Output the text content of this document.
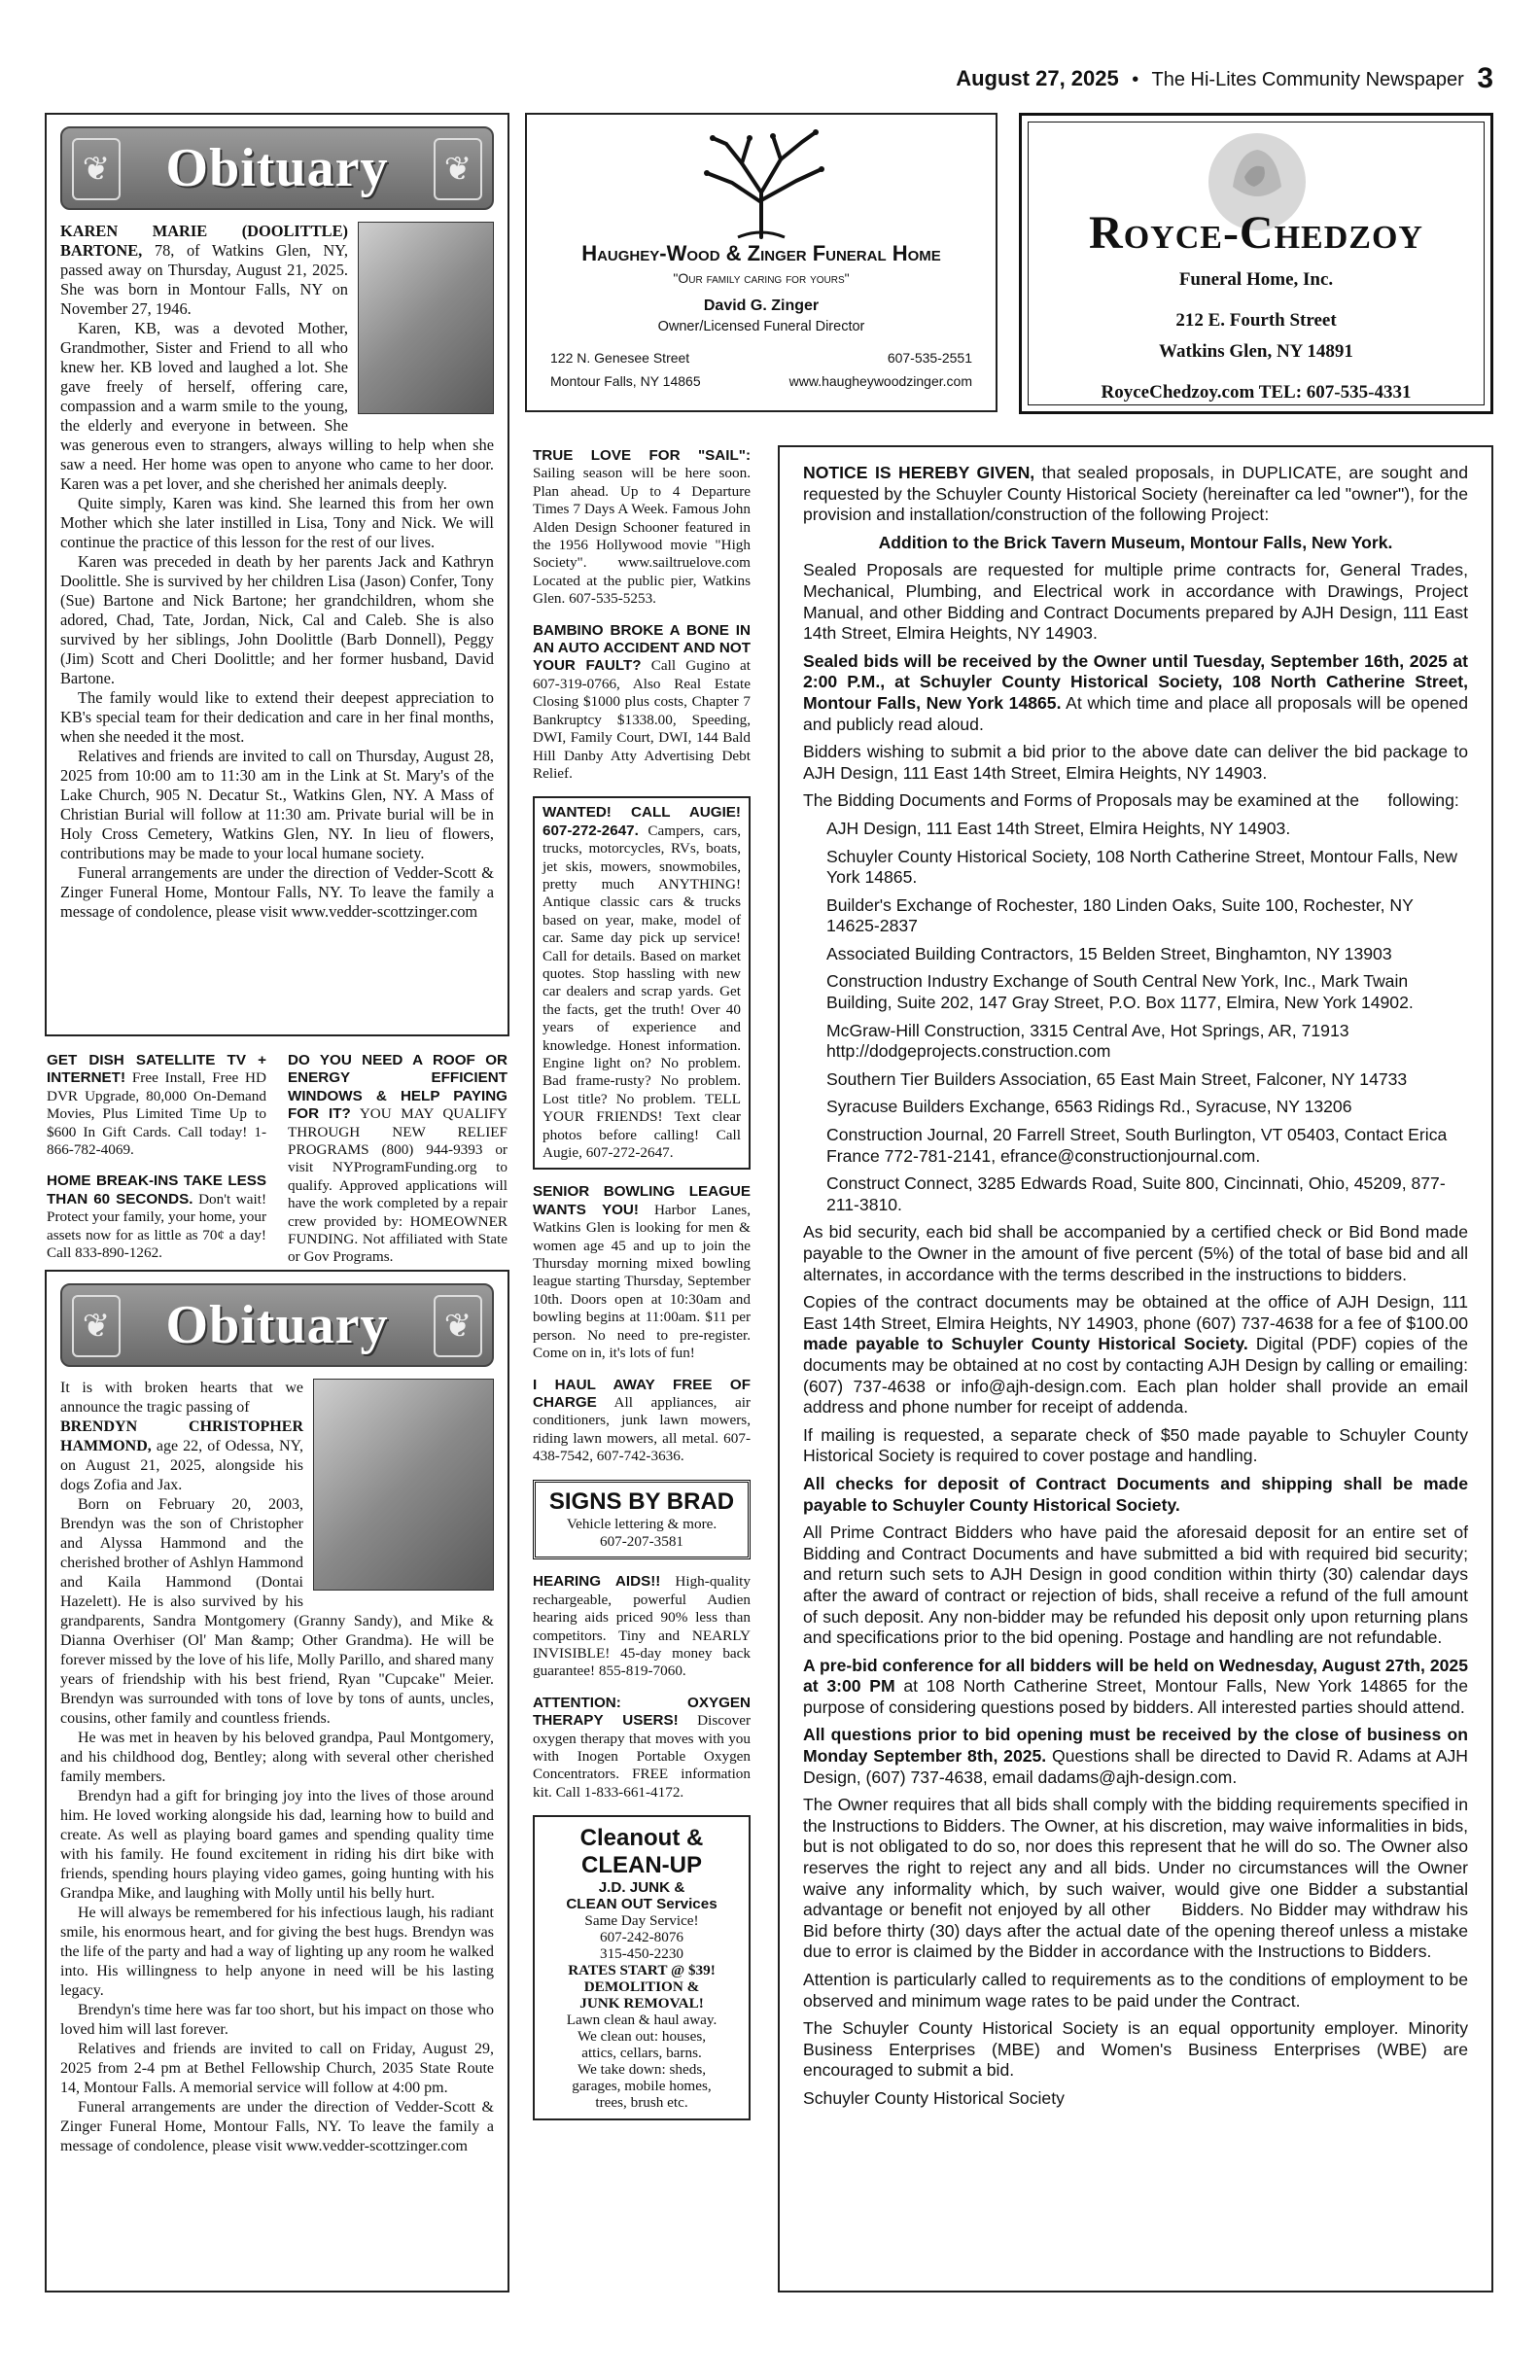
August 27, 2025 • The Hi-Lites Community Newspaper 3
❦ Obituary	❦

KAREN MARIE (DOOLITTLE) BARTONE, 78, of Watkins Glen, NY, passed away on Thursday, August 21, 2025. She was born in Montour Falls, NY on November 27, 1946.

Karen, KB, was a devoted Mother, Grandmother, Sister and Friend to all who knew her. KB loved and laughed a lot. She gave freely of herself, offering care, compassion and a warm smile to the young, the elderly and everyone in between. She was generous even to strangers, always willing to help when she saw a need. Her home was open to anyone who came to her door. Karen was a pet lover, and she cherished her animals deeply.

Quite simply, Karen was kind. She learned this from her own Mother which she later instilled in Lisa, Tony and Nick. We will continue the practice of this lesson for the rest of our lives.

Karen was preceded in death by her parents Jack and Kathryn Doolittle. She is survived by her children Lisa (Jason) Confer, Tony (Sue) Bartone and Nick Bartone; her grandchildren, whom she adored, Chad, Tate, Jordan, Nick, Cal and Caleb. She is also survived by her siblings, John Doolittle (Barb Donnell), Peggy (Jim) Scott and Cheri Doolittle; and her former husband, David Bartone.

The family would like to extend their deepest appreciation to KB's special team for their dedication and care in her final months, when she needed it the most.

Relatives and friends are invited to call on Thursday, August 28, 2025 from 10:00 am to 11:30 am in the Link at St. Mary's of the Lake Church, 905 N. Decatur St., Watkins Glen, NY. A Mass of Christian Burial will follow at 11:30 am. Private burial will be in Holy Cross Cemetery, Watkins Glen, NY. In lieu of flowers, contributions may be made to your local humane society.

Funeral arrangements are under the direction of Vedder-Scott & Zinger Funeral Home, Montour Falls, NY. To leave the family a message of condolence, please visit www.vedder-scottzinger.com

GET DISH SATELLITE TV + INTERNET! Free Install, Free HD DVR Upgrade, 80,000 On-Demand Movies, Plus Limited Time Up to $600 In Gift Cards. Call today! 1-866-782-4069.

HOME BREAK-INS TAKE LESS THAN 60 SECONDS. Don't wait! Protect your family, your home, your assets now for as little as 70¢ a day! Call 833-890-1262.

DO YOU NEED A ROOF OR ENERGY EFFICIENT WINDOWS & HELP PAYING FOR IT? YOU MAY QUALIFY THROUGH NEW RELIEF PROGRAMS (800) 944-9393 or visit NYProgramFunding.org to qualify. Approved applications will have the work completed by a repair crew provided by: HOMEOWNER FUNDING. Not affiliated with State or Gov Programs.

❦ Obituary	❦

It is with broken hearts that we announce the tragic passing of

BRENDYN CHRISTOPHER HAMMOND, age 22, of Odessa, NY, on August 21, 2025, alongside his dogs Zofia and Jax.

Born on February 20, 2003, Brendyn was the son of Christopher and Alyssa Hammond and the cherished brother of Ashlyn Hammond and Kaila Hammond (Dontai Hazelett). He is also survived by his grandparents, Sandra Montgomery (Granny Sandy), and Mike & Dianna Overhiser (Ol' Man &amp; Other Grandma). He will be forever missed by the love of his life, Molly Parillo, and shared many years of friendship with his best friend, Ryan "Cupcake" Meier. Brendyn was surrounded with tons of love by tons of aunts, uncles, cousins, other family and countless friends.

He was met in heaven by his beloved grandpa, Paul Montgomery, and his childhood dog, Bentley; along with several other cherished family members.

Brendyn had a gift for bringing joy into the lives of those around him. He loved working alongside his dad, learning how to build and create. As well as playing board games and spending quality time with his family. He found excitement in riding his dirt bike with friends, spending hours playing video games, going hunting with his Grandpa Mike, and laughing with Molly until his belly hurt.

He will always be remembered for his infectious laugh, his radiant smile, his enormous heart, and for giving the best hugs. Brendyn was the life of the party and had a way of lighting up any room he walked into. His willingness to help anyone in need will be his lasting legacy.

Brendyn's time here was far too short, but his impact on those who loved him will last forever.

Relatives and friends are invited to call on Friday, August 29, 2025 from 2-4 pm at Bethel Fellowship Church, 2035 State Route 14, Montour Falls. A memorial service will follow at 4:00 pm.

Funeral arrangements are under the direction of Vedder-Scott & Zinger Funeral Home, Montour Falls, NY. To leave the family a message of condolence, please visit www.vedder-scottzinger.com

Haughey-Wood & Zinger Funeral Home
"Our family caring for yours"
David G. Zinger
Owner/Licensed Funeral Director
122 N. Genesee Street	607-535-2551
Montour Falls, NY 14865	www.haugheywoodzinger.com
Royce-Chedzoy
Funeral Home, Inc.
212 E. Fourth Street
Watkins Glen, NY 14891
RoyceChedzoy.com TEL: 607-535-4331

TRUE LOVE FOR "SAIL": Sailing season will be here soon. Plan ahead. Up to 4 Departure Times 7 Days A Week. Famous John Alden Design Schooner featured in the 1956 Hollywood movie "High Society". www.sailtruelove.com Located at the public pier, Watkins Glen. 607-535-5253.

BAMBINO BROKE A BONE IN AN AUTO ACCIDENT AND NOT YOUR FAULT? Call Gugino at 607-319-0766, Also Real Estate Closing $1000 plus costs, Chapter 7 Bankruptcy $1338.00, Speeding, DWI, Family Court, DWI, 144 Bald Hill Danby Atty Advertising Debt Relief.

WANTED! CALL AUGIE! 607-272-2647. Campers, cars, trucks, motorcycles, RVs, boats, jet skis, mowers, snowmobiles, pretty much ANYTHING! Antique classic cars & trucks based on year, make, model of car. Same day pick up service! Call for details. Based on market quotes. Stop hassling with new car dealers and scrap yards. Get the facts, get the truth! Over 40 years of experience and knowledge. Honest information. Engine light on? No problem. Bad frame-rusty? No problem. Lost title? No problem. TELL YOUR FRIENDS! Text clear photos before calling! Call Augie, 607-272-2647.

SENIOR BOWLING LEAGUE WANTS YOU! Harbor Lanes, Watkins Glen is looking for men & women age 45 and up to join the Thursday morning mixed bowling league starting Thursday, September 10th. Doors open at 10:30am and bowling begins at 11:00am. $11 per person. No need to pre-register. Come on in, it's lots of fun!

I HAUL AWAY FREE OF CHARGE All appliances, air conditioners, junk lawn mowers, riding lawn mowers, all metal. 607-438-7542, 607-742-3636.

SIGNS BY BRAD
Vehicle lettering & more.
607-207-3581

HEARING AIDS!! High-quality rechargeable, powerful Audien hearing aids priced 90% less than competitors. Tiny and NEARLY INVISIBLE! 45-day money back guarantee! 855-819-7060.

ATTENTION: OXYGEN THERAPY USERS! Discover oxygen therapy that moves with you with Inogen Portable Oxygen Concentrators. FREE information kit. Call 1-833-661-4172.

Cleanout &
CLEAN-UP
J.D. JUNK &
CLEAN OUT Services
Same Day Service!
607-242-8076
315-450-2230
RATES START @ $39!
DEMOLITION &
JUNK REMOVAL!
Lawn clean & haul away.
We clean out: houses,
attics, cellars, barns.
We take down: sheds,
garages, mobile homes,
trees, brush etc.

NOTICE IS HEREBY GIVEN, that sealed proposals, in DUPLICATE, are sought and requested by the Schuyler County Historical Society (hereinafter ca led "owner"), for the provision and installation/construction of the following Project:

Addition to the Brick Tavern Museum, Montour Falls, New York.

Sealed Proposals are requested for multiple prime contracts for, General Trades, Mechanical, Plumbing, and Electrical work in accordance with Drawings, Project Manual, and other Bidding and Contract Documents prepared by AJH Design, 111 East 14th Street, Elmira Heights, NY 14903.

Sealed bids will be received by the Owner until Tuesday, September 16th, 2025 at 2:00 P.M., at Schuyler County Historical Society, 108 North Catherine Street, Montour Falls, New York 14865. At which time and place all proposals will be opened and publicly read aloud.

Bidders wishing to submit a bid prior to the above date can deliver the bid package to AJH Design, 111 East 14th Street, Elmira Heights, NY 14903.

The Bidding Documents and Forms of Proposals may be examined at the      following:

AJH Design, 111 East 14th Street, Elmira Heights, NY 14903.

Schuyler County Historical Society, 108 North Catherine Street, Montour Falls, New York 14865.

Builder's Exchange of Rochester, 180 Linden Oaks, Suite 100, Rochester, NY 14625-2837

Associated Building Contractors, 15 Belden Street, Binghamton, NY 13903

Construction Industry Exchange of South Central New York, Inc., Mark Twain Building, Suite 202, 147 Gray Street, P.O. Box 1177, Elmira, New York 14902.

McGraw-Hill Construction, 3315 Central Ave, Hot Springs, AR, 71913 http://dodgeprojects.construction.com

Southern Tier Builders Association, 65 East Main Street, Falconer, NY 14733

Syracuse Builders Exchange, 6563 Ridings Rd., Syracuse, NY 13206

Construction Journal, 20 Farrell Street, South Burlington, VT 05403, Contact Erica France 772-781-2141, efrance@constructionjournal.com.

Construct Connect, 3285 Edwards Road, Suite 800, Cincinnati, Ohio, 45209, 877-211-3810.

As bid security, each bid shall be accompanied by a certified check or Bid Bond made payable to the Owner in the amount of five percent (5%) of the total of base bid and all alternates, in accordance with the terms described in the instructions to bidders.

Copies of the contract documents may be obtained at the office of AJH Design, 111 East 14th Street, Elmira Heights, NY 14903, phone (607) 737-4638 for a fee of $100.00 made payable to Schuyler County Historical Society. Digital (PDF) copies of the documents may be obtained at no cost by contacting AJH Design by calling or emailing: (607) 737-4638 or info@ajh-design.com. Each plan holder shall provide an email address and phone number for receipt of addenda.

If mailing is requested, a separate check of $50 made payable to Schuyler County Historical Society is required to cover postage and handling.

All checks for deposit of Contract Documents and shipping shall be made payable to Schuyler County Historical Society.

All Prime Contract Bidders who have paid the aforesaid deposit for an entire set of Bidding and Contract Documents and have submitted a bid with required bid security; and return such sets to AJH Design in good condition within thirty (30) calendar days after the award of contract or rejection of bids, shall receive a refund of the full amount of such deposit. Any non-bidder may be refunded his deposit only upon returning plans and specifications prior to the bid opening. Postage and handling are not refundable.

A pre-bid conference for all bidders will be held on Wednesday, August 27th, 2025 at 3:00 PM at 108 North Catherine Street, Montour Falls, New York 14865 for the purpose of considering questions posed by bidders. All interested parties should attend.

All questions prior to bid opening must be received by the close of business on Monday September 8th, 2025. Questions shall be directed to David R. Adams at AJH Design, (607) 737-4638, email dadams@ajh-design.com.

The Owner requires that all bids shall comply with the bidding requirements specified in the Instructions to Bidders. The Owner, at his discretion, may waive informalities in bids, but is not obligated to do so, nor does this represent that he will do so. The Owner also reserves the right to reject any and all bids. Under no circumstances will the Owner waive any informality which, by such waiver, would give one Bidder a substantial advantage or benefit not enjoyed by all other     Bidders. No Bidder may withdraw his Bid before thirty (30) days after the actual date of the opening thereof unless a mistake due to error is claimed by the Bidder in accordance with the Instructions to Bidders.

Attention is particularly called to requirements as to the conditions of employment to be observed and minimum wage rates to be paid under the Contract.

The Schuyler County Historical Society is an equal opportunity employer. Minority Business Enterprises (MBE) and Women's Business Enterprises (WBE) are encouraged to submit a bid.

Schuyler County Historical Society
